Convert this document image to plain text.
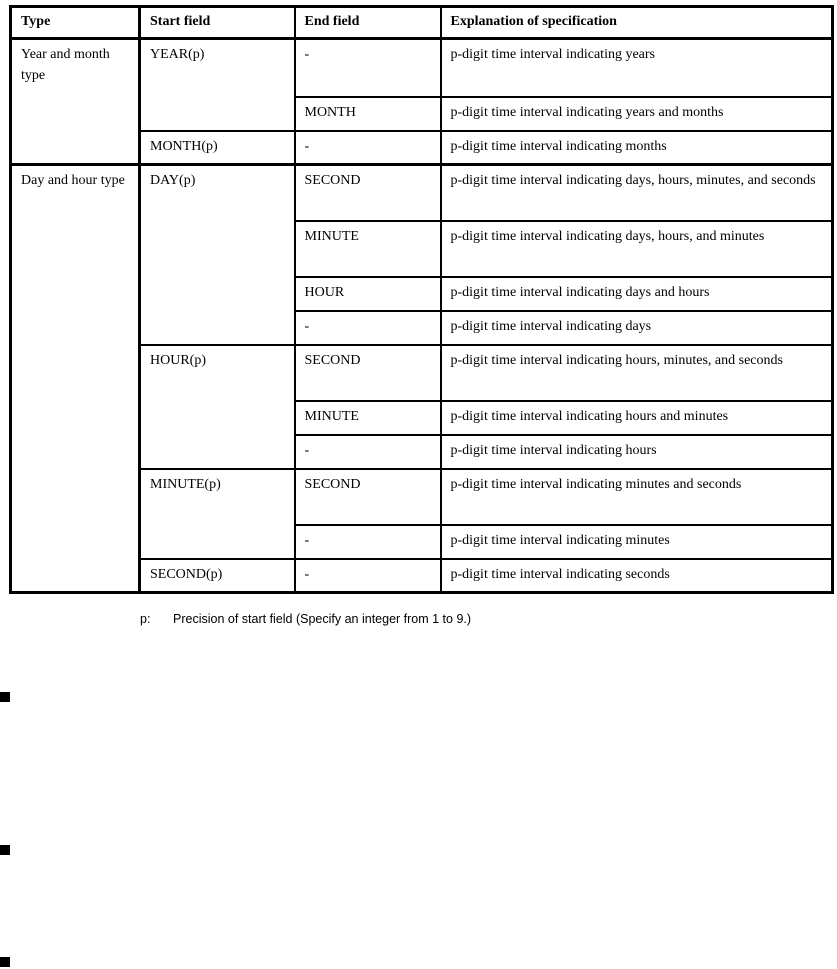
Type	Start field	End field	Explanation of specification
Year and month type	YEAR(p)	-	p-digit time interval indicating years
		MONTH	p-digit time interval indicating years and months
	MONTH(p)	-	p-digit time interval indicating months
Day and hour type	DAY(p)	SECOND	p-digit time interval indicating days, hours, minutes, and seconds
		MINUTE	p-digit time interval indicating days, hours, and minutes
		HOUR	p-digit time interval indicating days and hours
		-	p-digit time interval indicating days
	HOUR(p)	SECOND	p-digit time interval indicating hours, minutes, and seconds
		MINUTE	p-digit time interval indicating hours and minutes
		-	p-digit time interval indicating hours
	MINUTE(p)	SECOND	p-digit time interval indicating minutes and seconds
		-	p-digit time interval indicating minutes
	SECOND(p)	-	p-digit time interval indicating seconds
p: Precision of start field (Specify an integer from 1 to 9.)
